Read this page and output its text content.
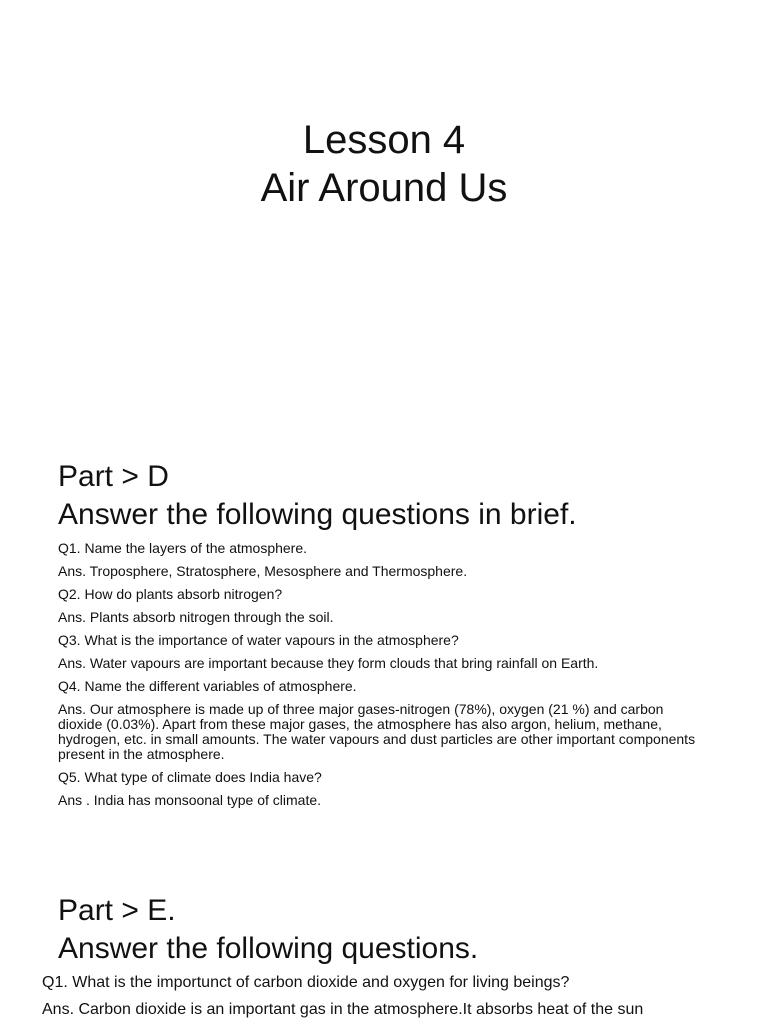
Lesson 4
Air Around Us
Part > D
Answer the following questions in brief.

Q1. Name the layers of the atmosphere.

Ans. Troposphere, Stratosphere, Mesosphere and Thermosphere.

Q2. How do plants absorb nitrogen?

Ans. Plants absorb nitrogen through the soil.

Q3. What is the importance of water vapours in the atmosphere?

Ans. Water vapours are important because they form clouds that bring rainfall on Earth.

Q4. Name the different variables of atmosphere.

Ans. Our atmosphere is made up of three major gases-nitrogen (78%), oxygen (21 %) and carbon dioxide (0.03%). Apart from these major gases, the atmosphere has also argon, helium, methane, hydrogen, etc. in small amounts. The water vapours and dust particles are other important components present in the atmosphere.

Q5. What type of climate does India have?

Ans . India has monsoonal type of climate.

Part > E.
Answer the following questions.

Q1. What is the importunct of carbon dioxide and oxygen for living beings?

Ans. Carbon dioxide is an important gas in the atmosphere.It absorbs heat of the sun
